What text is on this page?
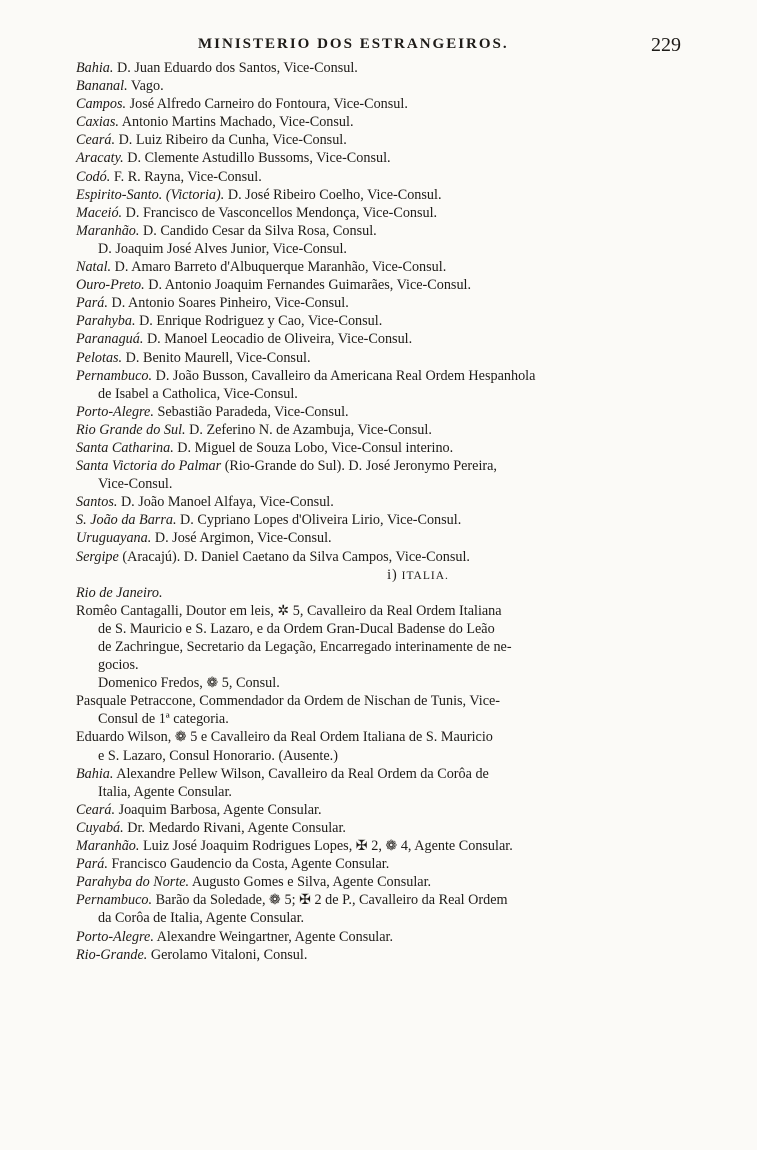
MINISTERIO DOS ESTRANGEIROS.	229
Bahia. D. Juan Eduardo dos Santos, Vice-Consul.
Bananal. Vago.
Campos. José Alfredo Carneiro do Fontoura, Vice-Consul.
Caxias. Antonio Martins Machado, Vice-Consul.
Ceará. D. Luiz Ribeiro da Cunha, Vice-Consul.
Aracaty. D. Clemente Astudillo Bussoms, Vice-Consul.
Codó. F. R. Rayna, Vice-Consul.
Espirito-Santo. (Victoria). D. José Ribeiro Coelho, Vice-Consul.
Maceió. D. Francisco de Vasconcellos Mendonça, Vice-Consul.
Maranhão. D. Candido Cesar da Silva Rosa, Consul.
D. Joaquim José Alves Junior, Vice-Consul.
Natal. D. Amaro Barreto d'Albuquerque Maranhão, Vice-Consul.
Ouro-Preto. D. Antonio Joaquim Fernandes Guimarães, Vice-Consul.
Pará. D. Antonio Soares Pinheiro, Vice-Consul.
Parahyba. D. Enrique Rodriguez y Cao, Vice-Consul.
Paranaguá. D. Manoel Leocadio de Oliveira, Vice-Consul.
Pelotas. D. Benito Maurell, Vice-Consul.
Pernambuco. D. João Busson, Cavalleiro da Americana Real Ordem Hespanhola
de Isabel a Catholica, Vice-Consul.
Porto-Alegre. Sebastião Paradeda, Vice-Consul.
Rio Grande do Sul. D. Zeferino N. de Azambuja, Vice-Consul.
Santa Catharina. D. Miguel de Souza Lobo, Vice-Consul interino.
Santa Victoria do Palmar (Rio-Grande do Sul). D. José Jeronymo Pereira,
Vice-Consul.
Santos. D. João Manoel Alfaya, Vice-Consul.
S. João da Barra. D. Cypriano Lopes d'Oliveira Lirio, Vice-Consul.
Uruguayana. D. José Argimon, Vice-Consul.
Sergipe (Aracajú). D. Daniel Caetano da Silva Campos, Vice-Consul.
i) ITALIA.
Rio de Janeiro.
Romêo Cantagalli, Doutor em leis, ✲ 5, Cavalleiro da Real Ordem Italiana
de S. Mauricio e S. Lazaro, e da Ordem Gran-Ducal Badense do Leão
de Zachringue, Secretario da Legação, Encarregado interinamente de ne-
gocios.
Domenico Fredos, ❁ 5, Consul.
Pasquale Petraccone, Commendador da Ordem de Nischan de Tunis, Vice-
Consul de 1ª categoria.
Eduardo Wilson, ❁ 5 e Cavalleiro da Real Ordem Italiana de S. Mauricio
e S. Lazaro, Consul Honorario. (Ausente.)
Bahia. Alexandre Pellew Wilson, Cavalleiro da Real Ordem da Corôa de
Italia, Agente Consular.
Ceará. Joaquim Barbosa, Agente Consular.
Cuyabá. Dr. Medardo Rivani, Agente Consular.
Maranhão. Luiz José Joaquim Rodrigues Lopes, ✠ 2, ❁ 4, Agente Consular.
Pará. Francisco Gaudencio da Costa, Agente Consular.
Parahyba do Norte. Augusto Gomes e Silva, Agente Consular.
Pernambuco. Barão da Soledade, ❁ 5; ✠ 2 de P., Cavalleiro da Real Ordem
da Corôa de Italia, Agente Consular.
Porto-Alegre. Alexandre Weingartner, Agente Consular.
Rio-Grande. Gerolamo Vitaloni, Consul.
